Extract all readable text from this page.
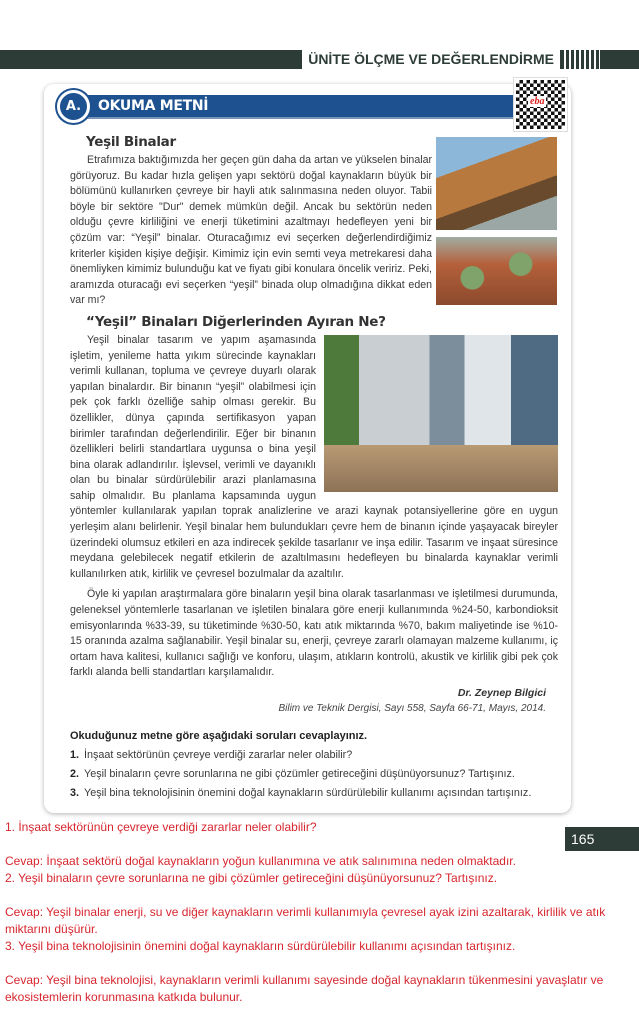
ÜNİTE ÖLÇME VE DEĞERLENDİRME
Yeşil Binalar
Etrafımıza baktığımızda her geçen gün daha da artan ve yükselen binalar görüyoruz. Bu kadar hızla gelişen yapı sektörü doğal kaynakların büyük bir bölümünü kullanırken çevreye bir hayli atık salınmasına neden oluyor. Tabii böyle bir sektöre "Dur" demek mümkün değil. Ancak bu sektörün neden olduğu çevre kirliliğini ve enerji tüketimini azaltmayı hedefleyen yeni bir çözüm var: “Yeşil” binalar. Oturacağımız evi seçerken değerlendirdiğimiz kriterler kişiden kişiye değişir. Kimimiz için evin semti veya metrekaresi daha önemliyken kimimiz bulunduğu kat ve fiyatı gibi konulara öncelik veririz. Peki, aramızda oturacağı evi seçerken “yeşil” binada olup olmadığına dikkat eden var mı?
“Yeşil” Binaları Diğerlerinden Ayıran Ne?
Yeşil binalar tasarım ve yapım aşamasında işletim, yenileme hatta yıkım sürecinde kaynakları verimli kullanan, topluma ve çevreye duyarlı olarak yapılan binalardır. Bir binanın “yeşil” olabilmesi için pek çok farklı özelliğe sahip olması gerekir. Bu özellikler, dünya çapında sertifikasyon yapan birimler tarafından değerlendirilir. Eğer bir binanın özellikleri belirli standartlara uygunsa o bina yeşil bina olarak adlandırılır. İşlevsel, verimli ve dayanıklı olan bu binalar sürdürülebilir arazi planlamasına sahip olmalıdır. Bu planlama kapsamında uygun yöntemler kullanılarak yapılan toprak analizlerine ve arazi kaynak potansiyellerine göre en uygun yerleşim alanı belirlenir. Yeşil binalar hem bulundukları çevre hem de binanın içinde yaşayacak bireyler üzerindeki olumsuz etkileri en aza indirecek şekilde tasarlanır ve inşa edilir. Tasarım ve inşaat süresince meydana gelebilecek negatif etkilerin de azaltılmasını hedefleyen bu binalarda kaynaklar verimli kullanılırken atık, kirlilik ve çevresel bozulmalar da azaltılır.
Öyle ki yapılan araştırmalara göre binaların yeşil bina olarak tasarlanması ve işletilmesi durumunda, geleneksel yöntemlerle tasarlanan ve işletilen binalara göre enerji kullanımında %24-50, karbondioksit emisyonlarında %33-39, su tüketiminde %30-50, katı atık miktarında %70, bakım maliyetinde ise %10-15 oranında azalma sağlanabilir. Yeşil binalar su, enerji, çevreye zararlı olamayan malzeme kullanımı, iç ortam hava kalitesi, kullanıcı sağlığı ve konforu, ulaşım, atıkların kontrolü, akustik ve kirlilik gibi pek çok farklı alanda belli standartları karşılamalıdır.
Dr. Zeynep Bilgici
Bilim ve Teknik Dergisi, Sayı 558, Sayfa 66-71, Mayıs, 2014.
Okuduğunuz metne göre aşağıdaki soruları cevaplayınız.
1. İnşaat sektörünün çevreye verdiği zararlar neler olabilir?
2. Yeşil binaların çevre sorunlarına ne gibi çözümler getireceğini düşünüyorsunuz? Tartışınız.
3. Yeşil bina teknolojisinin önemini doğal kaynakların sürdürülebilir kullanımı açısından tartışınız.
165
1. İnşaat sektörünün çevreye verdiği zararlar neler olabilir?
Cevap: İnşaat sektörü doğal kaynakların yoğun kullanımına ve atık salınımına neden olmaktadır.
2. Yeşil binaların çevre sorunlarına ne gibi çözümler getireceğini düşünüyorsunuz? Tartışınız.
Cevap: Yeşil binalar enerji, su ve diğer kaynakların verimli kullanımıyla çevresel ayak izini azaltarak, kirlilik ve atık miktarını düşürür.
3. Yeşil bina teknolojisinin önemini doğal kaynakların sürdürülebilir kullanımı açısından tartışınız.
Cevap: Yeşil bina teknolojisi, kaynakların verimli kullanımı sayesinde doğal kaynakların tükenmesini yavaşlatır ve ekosistemlerin korunmasına katkıda bulunur.
OKUMA METNİ
A.	eba
